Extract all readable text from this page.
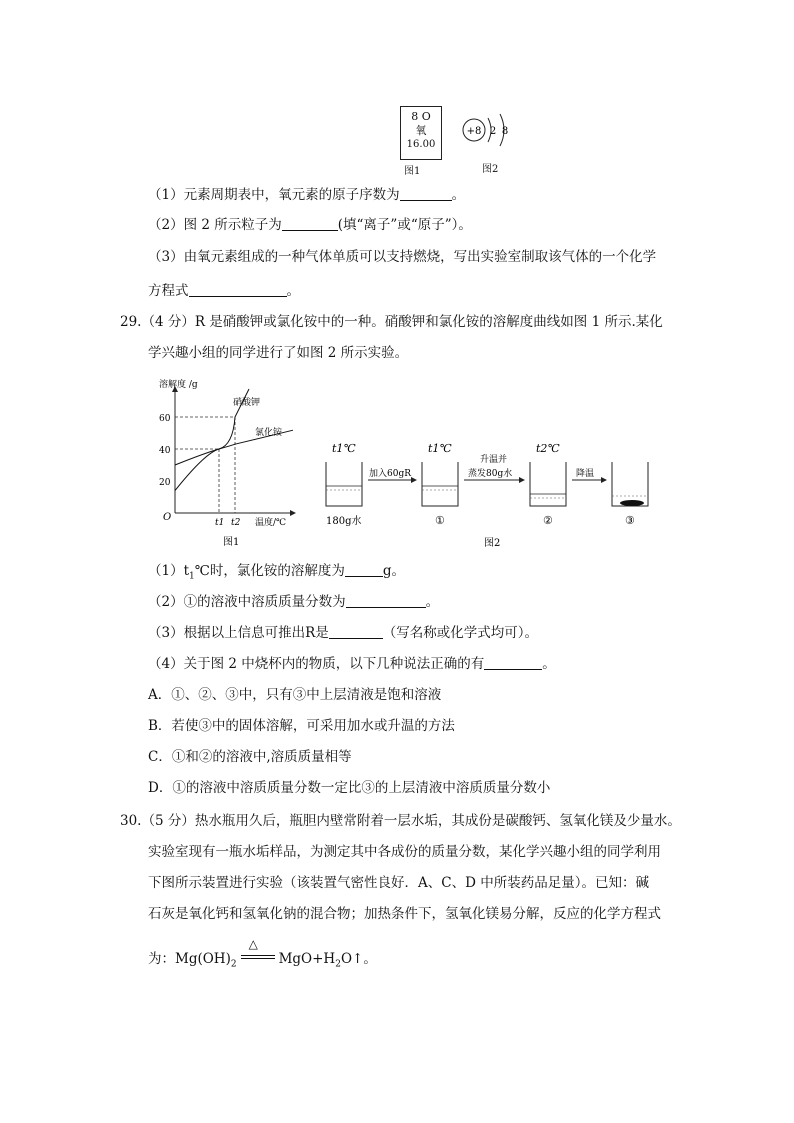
8 O
氧
16.00
图1
+8 2 8
图2
（1）元素周期表中，氧元素的原子序数为	。
（2）图 2 所示粒子为	(填“离子”或“原子”）。
（3）由氧元素组成的一种气体单质可以支持燃烧，写出实验室制取该气体的一个化学
方程式	。
29.（4 分）R 是硝酸钾或氯化铵中的一种。硝酸钾和氯化铵的溶解度曲线如图 1 所示.某化
学兴趣小组的同学进行了如图 2 所示实验。
溶解度 /g
温度/℃
O
20
40
60
t1 t2
硝酸钾
氯化铵
图1
t1℃	t1℃	t2℃
加入60gR
升温并
蒸发80g水	降温
180g水	①	②	③
图2
$(1)t_1℃$时，氯化铵的溶解度为	g。
（2）①的溶液中溶质质量分数为	。
（3）根据以上信息可推出R是	（写名称或化学式均可）。
（4）关于图 2 中烧杯内的物质，以下几种说法正确的有	。
A．①、②、③中，只有③中上层清液是饱和溶液
B．若使③中的固体溶解，可采用加水或升温的方法
C．①和②的溶液中,溶质质量相等
D．①的溶液中溶质质量分数一定比③的上层清液中溶质质量分数小
30.（5 分）热水瓶用久后，瓶胆内壁常附着一层水垢，其成份是碳酸钙、氢氧化镁及少量水。
实验室现有一瓶水垢样品，为测定其中各成份的质量分数，某化学兴趣小组的同学利用
下图所示装置进行实验（该装置气密性良好．A、C、D 中所装药品足量）。已知：碱
石灰是氧化钙和氢氧化钠的混合物；加热条件下，氢氧化镁易分解，反应的化学方程式
为：$Mg(OH)_2$
△
$MgO+H_2O↑$。
